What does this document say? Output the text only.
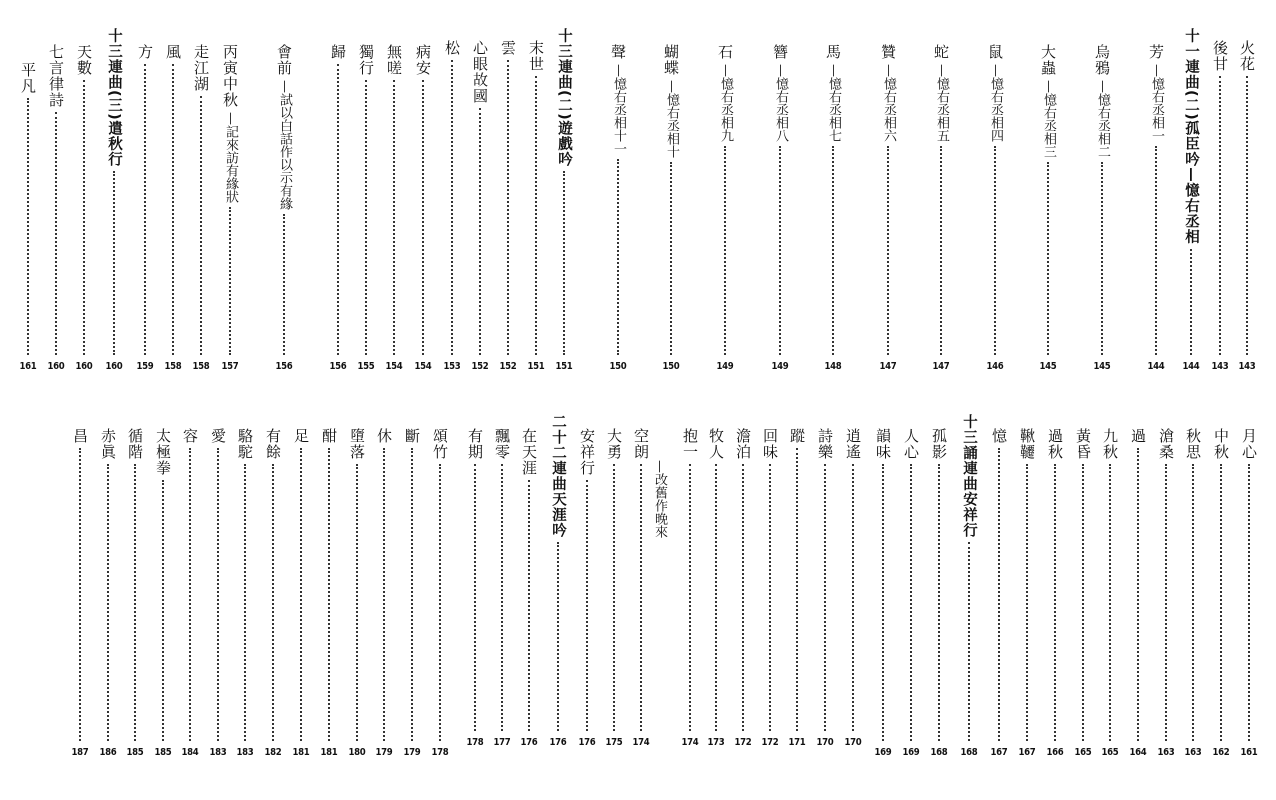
火花
143
後甘
143
十一連曲(二)孤臣吟—憶右丞相
144
芳
—憶右丞相一
144
烏鴉
—憶右丞相二
145
大蟲
—憶右丞相三
145
鼠
—憶右丞相四
146
蛇
—憶右丞相五
147
贊
—憶右丞相六
147
馬
—憶右丞相七
148
簪
—憶右丞相八
149
石
—憶右丞相九
149
蝴蝶
—憶右丞相十
150
聲
—憶右丞相十一
150
十三連曲(二)遊戲吟
151
末世
151
雲
152
心眼故國
152
松
153
病安
154
無嗟
154
獨行
155
歸
156
會前
—試以白話作以示有緣
156
丙寅中秋
—記來訪有緣狀
157
走江湖
158
風
158
方
159
十三連曲(三)遣秋行
160
天數
160
七言律詩
160
平凡
161
月心
161
中秋
162
秋思
163
滄桑
163
過
164
九秋
165
黃昏
165
過秋
166
鞦韆
167
憶
167
十三誦連曲安祥行
168
孤影
168
人心
169
韻味
169
逍遙
170
詩樂
170
蹤
171
回味
172
澹泊
172
牧人
173
抱一
174
—改舊作晚來
空朗
174
大勇
175
安祥行
176
二十二連曲天涯吟
176
在天涯
176
飄零
177
有期
178
頌竹
178
斷
179
休
179
墮落
180
酣
181
足
181
有餘
182
駱駝
183
愛
183
容
184
太極拳
185
循階
185
赤眞
186
昌
187
